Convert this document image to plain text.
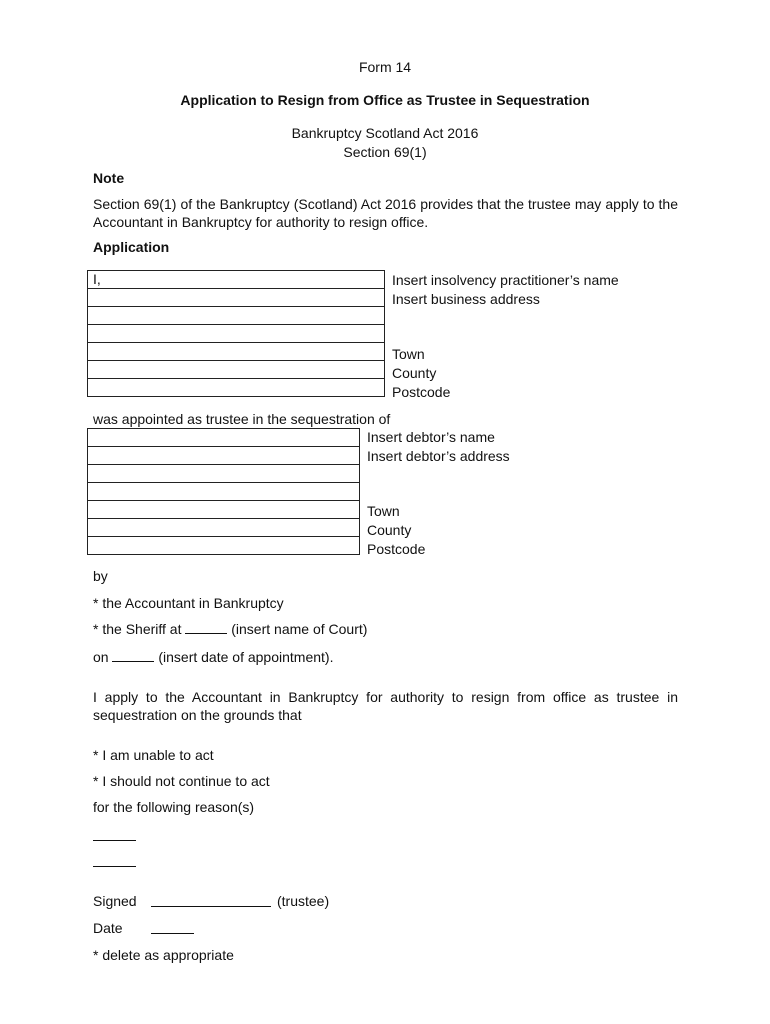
Form 14
Application to Resign from Office as Trustee in Sequestration
Bankruptcy Scotland Act 2016
Section 69(1)
Note
Section 69(1) of the Bankruptcy (Scotland) Act 2016 provides that the trustee may apply to the Accountant in Bankruptcy for authority to resign office.
Application
I,	Insert insolvency practitioner’s name
Insert business address
Town
County
Postcode
was appointed as trustee in the sequestration of

Insert debtor’s name
Insert debtor’s address
Town
County
Postcode
by
* the Accountant in Bankruptcy
* the Sheriff at	(insert name of Court)
on	(insert date of appointment).
I apply to the Accountant in Bankruptcy for authority to resign from office as trustee in sequestration on the grounds that
* I am unable to act
* I should not continue to act
for the following reason(s)
Signed	(trustee)
Date
* delete as appropriate
